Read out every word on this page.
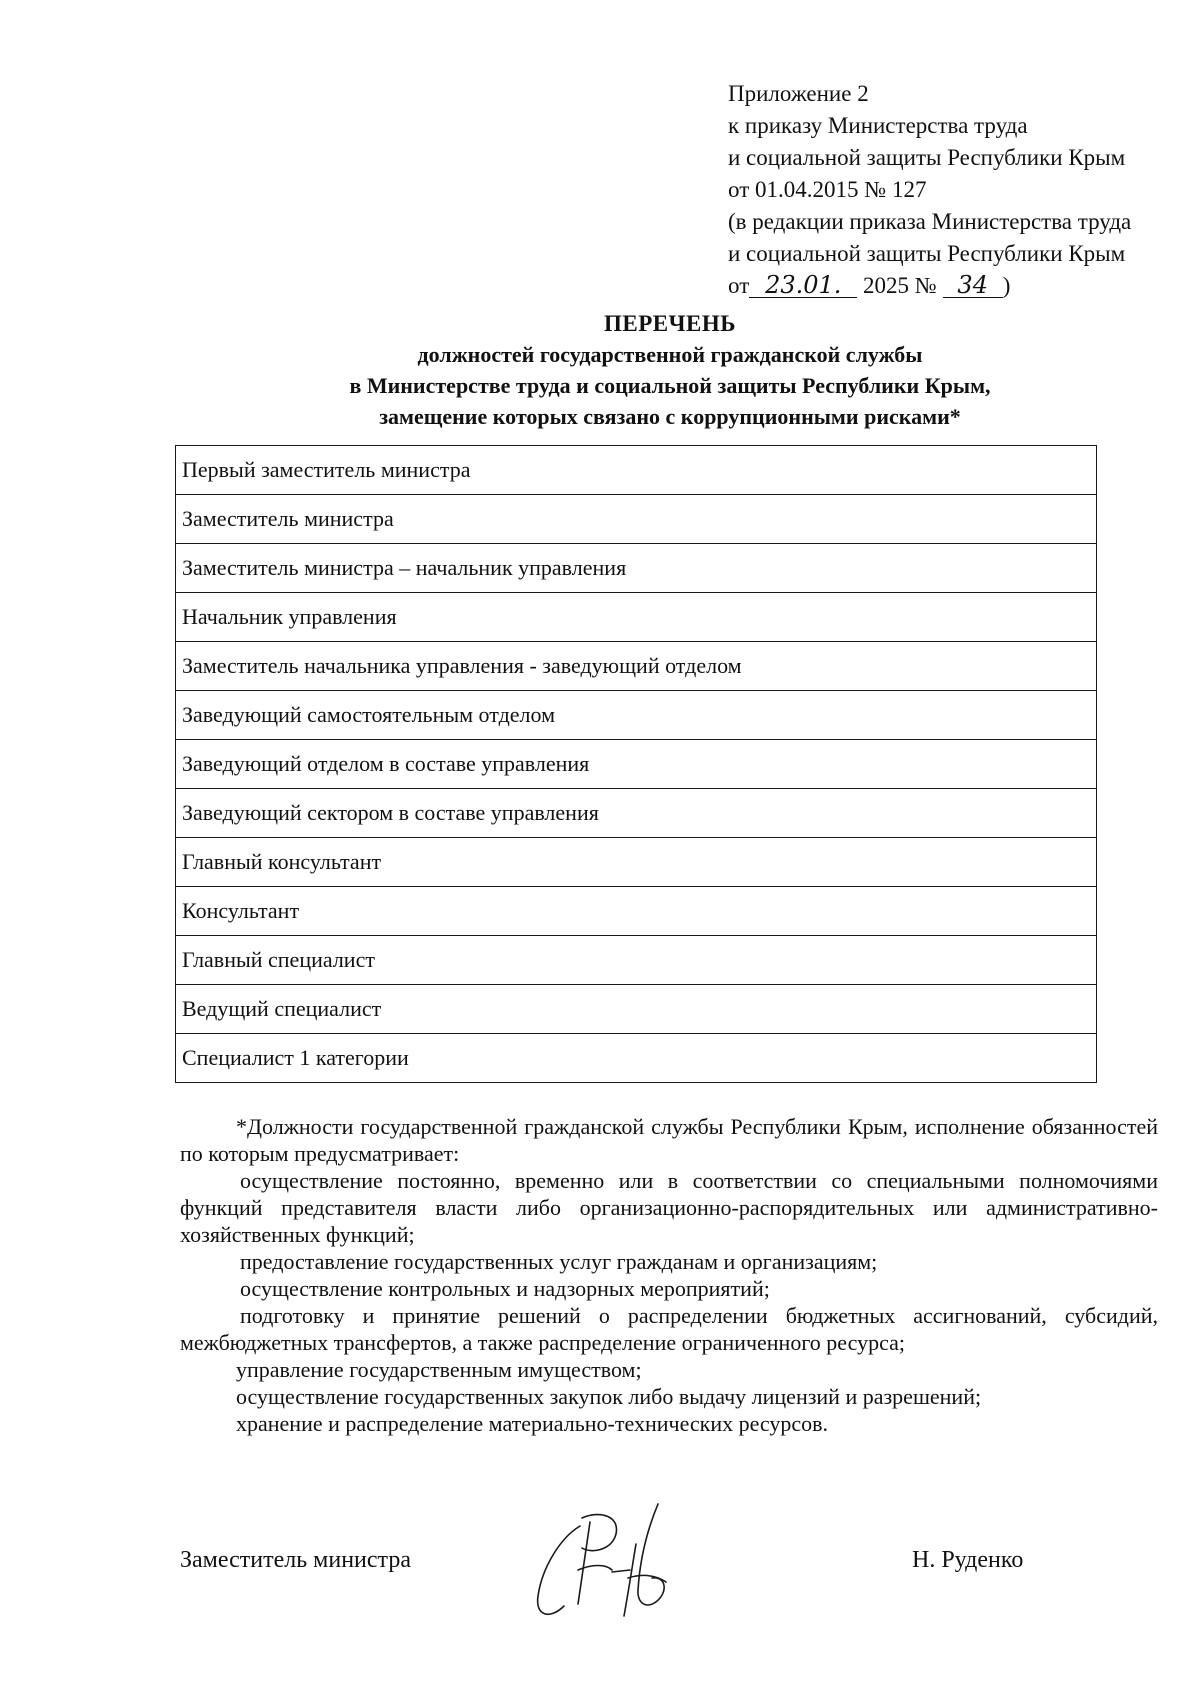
Приложение 2
к приказу Министерства труда
и социальной защиты Республики Крым
от 01.04.2015 № 127
(в редакции приказа Министерства труда
и социальной защиты Республики Крым
от 23.01. 2025 № 34 )
ПЕРЕЧЕНЬ
должностей государственной гражданской службы
в Министерстве труда и социальной защиты Республики Крым,
замещение которых связано с коррупционными рисками*
Первый заместитель министра
Заместитель министра
Заместитель министра – начальник управления
Начальник управления
Заместитель начальника управления - заведующий отделом
Заведующий самостоятельным отделом
Заведующий отделом в составе управления
Заведующий сектором в составе управления
Главный консультант
Консультант
Главный специалист
Ведущий специалист
Специалист 1 категории

*Должности государственной гражданской службы Республики Крым, исполнение обязанностей по которым предусматривает:

осуществление постоянно, временно или в соответствии со специальными полномочиями функций представителя власти либо организационно-распорядительных или административно-хозяйственных функций;

предоставление государственных услуг гражданам и организациям;

осуществление контрольных и надзорных мероприятий;

подготовку и принятие решений о распределении бюджетных ассигнований, субсидий, межбюджетных трансфертов, а также распределение ограниченного ресурса;

управление государственным имуществом;

осуществление государственных закупок либо выдачу лицензий и разрешений;

хранение и распределение материально-технических ресурсов.

Заместитель министра	Н. Руденко
